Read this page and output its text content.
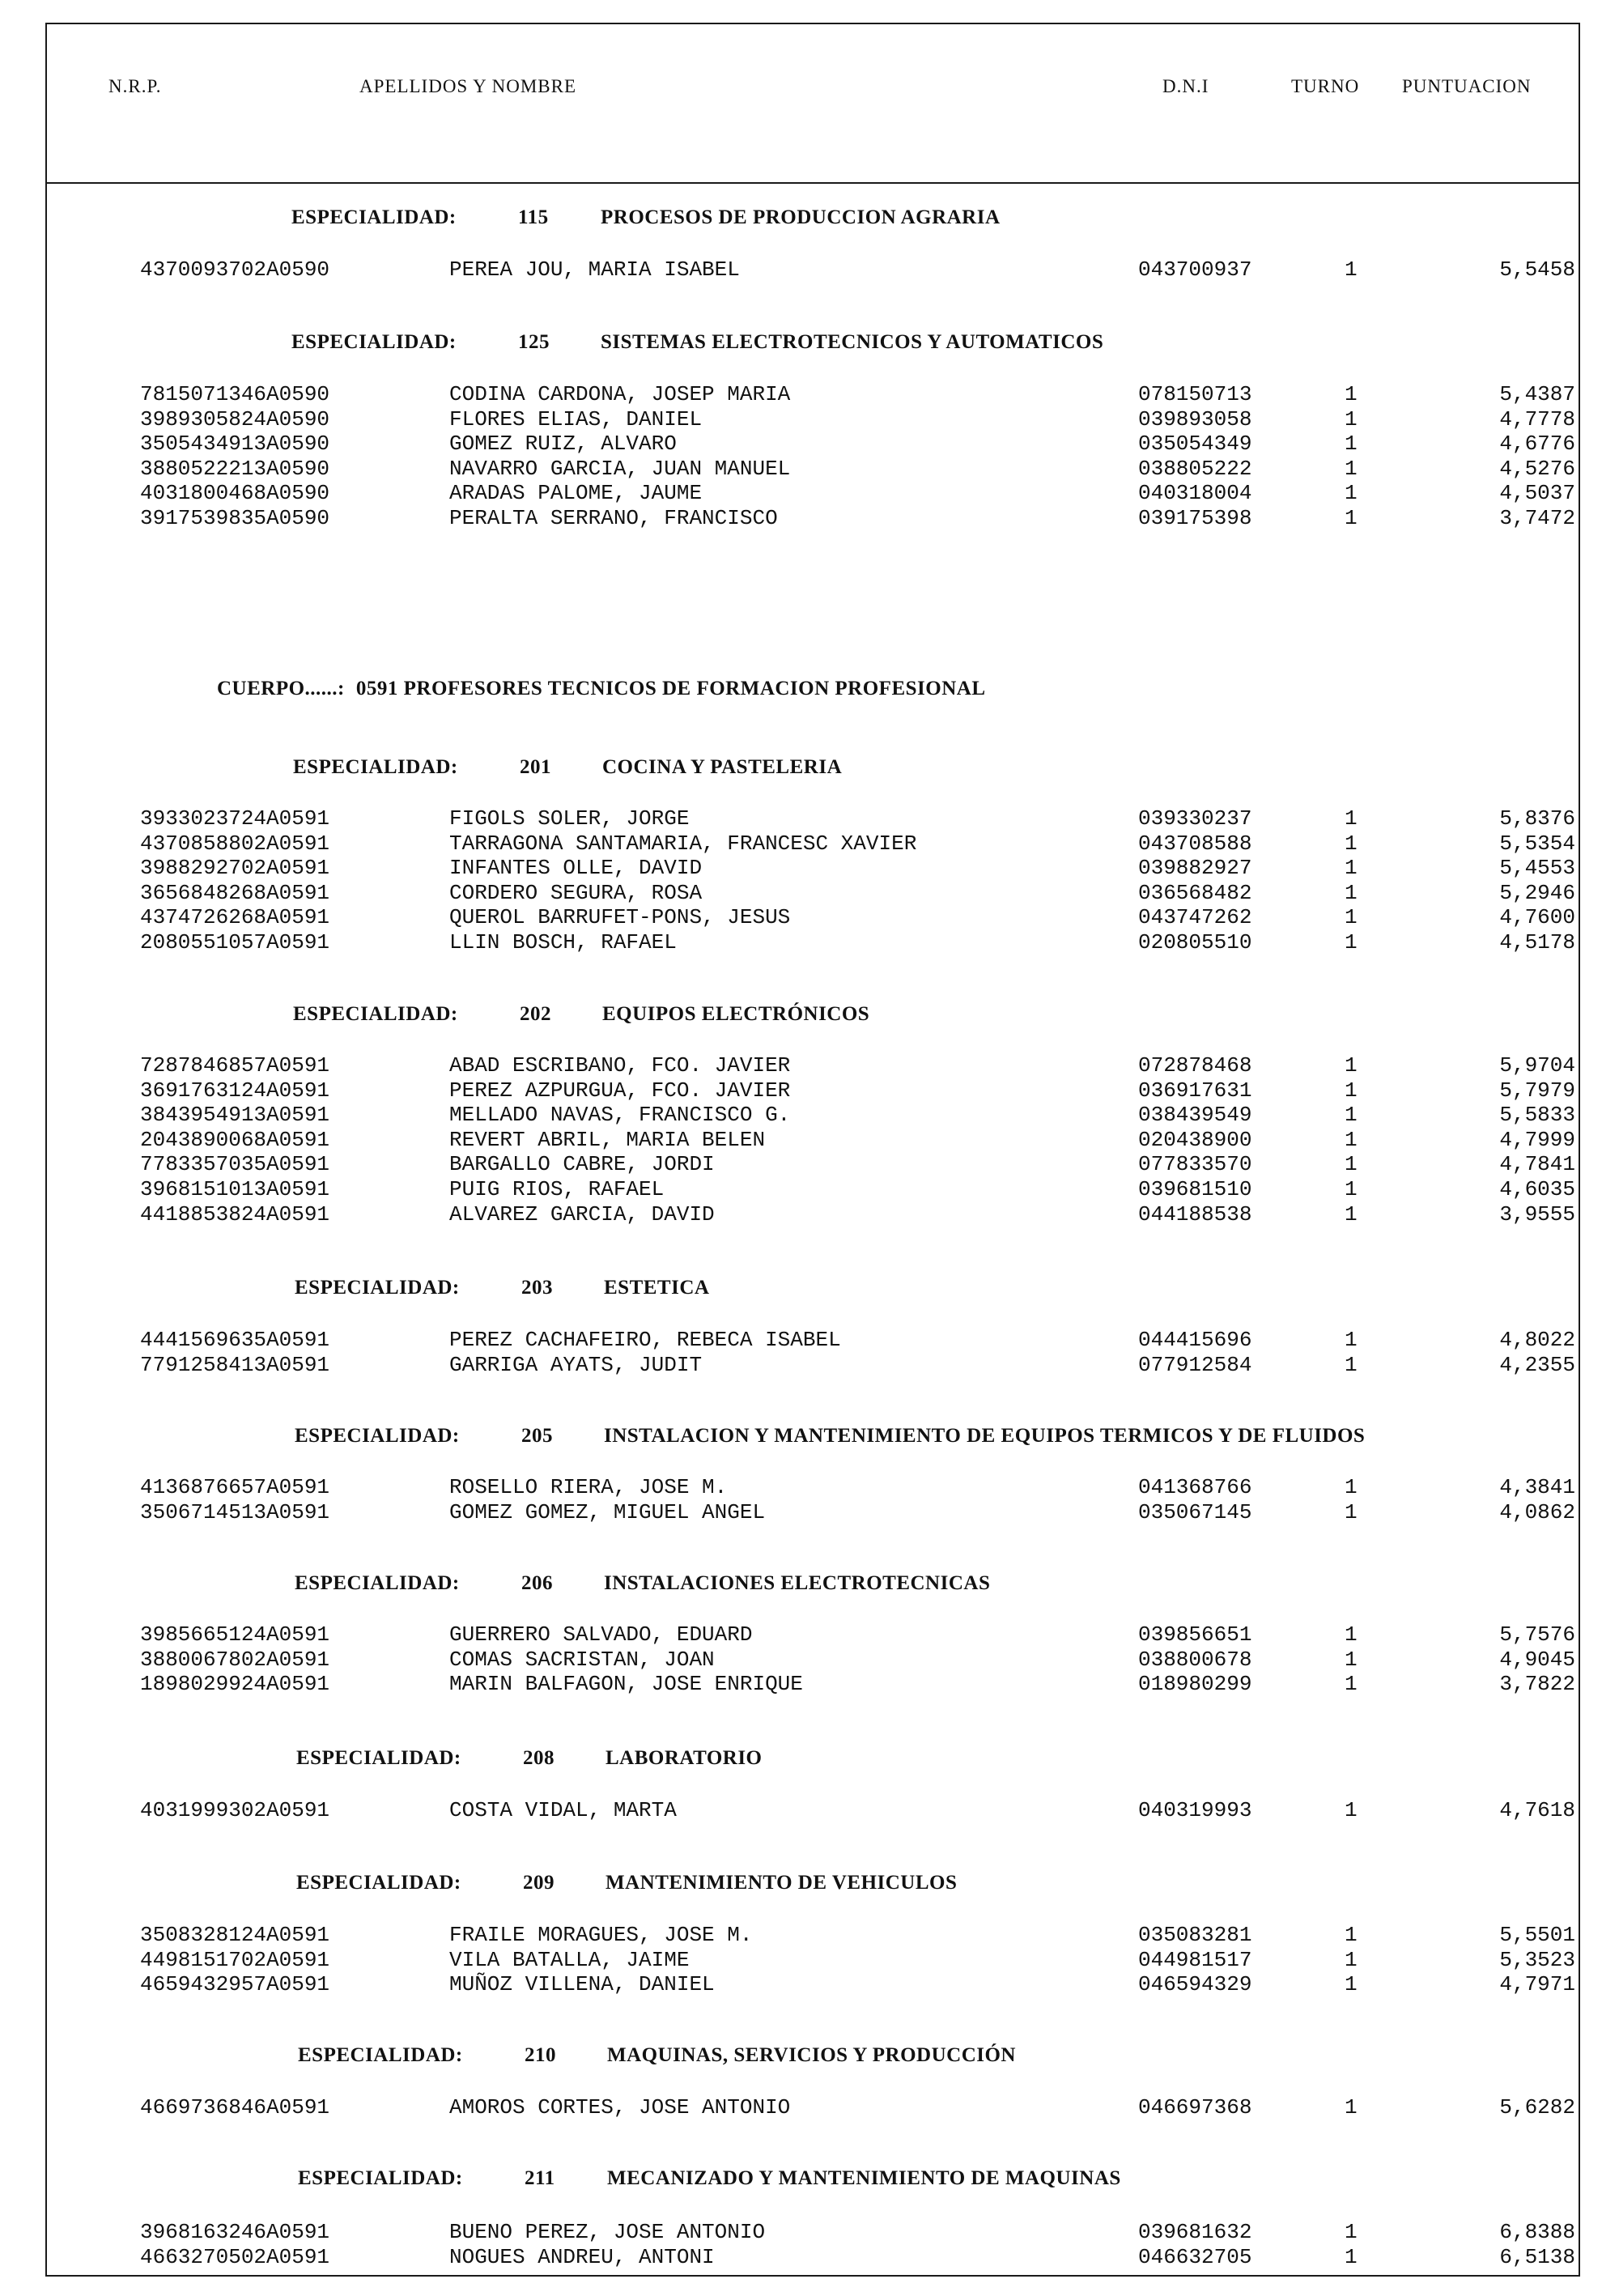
N.R.P.	APELLIDOS Y NOMBRE	D.N.I	TURNO PUNTUACION
CUERPO......: 0591 PROFESORES TECNICOS DE FORMACION PROFESIONAL
ESPECIALIDAD:	115	PROCESOS DE PRODUCCION AGRARIA
4370093702A0590	PEREA JOU, MARIA ISABEL	043700937	1	5,5458
ESPECIALIDAD:	125	SISTEMAS ELECTROTECNICOS Y AUTOMATICOS
7815071346A0590	CODINA CARDONA, JOSEP MARIA	078150713	1	5,4387
3989305824A0590	FLORES ELIAS, DANIEL	039893058	1	4,7778
3505434913A0590	GOMEZ RUIZ, ALVARO	035054349	1	4,6776
3880522213A0590	NAVARRO GARCIA, JUAN MANUEL	038805222	1	4,5276
4031800468A0590	ARADAS PALOME, JAUME	040318004	1	4,5037
3917539835A0590	PERALTA SERRANO, FRANCISCO	039175398	1	3,7472
ESPECIALIDAD:	201	COCINA Y PASTELERIA
3933023724A0591	FIGOLS SOLER, JORGE	039330237	1	5,8376
4370858802A0591	TARRAGONA SANTAMARIA, FRANCESC XAVIER	043708588	1	5,5354
3988292702A0591	INFANTES OLLE, DAVID	039882927	1	5,4553
3656848268A0591	CORDERO SEGURA, ROSA	036568482	1	5,2946
4374726268A0591	QUEROL BARRUFET-PONS, JESUS	043747262	1	4,7600
2080551057A0591	LLIN BOSCH, RAFAEL	020805510	1	4,5178
ESPECIALIDAD:	202	EQUIPOS ELECTRÓNICOS
7287846857A0591	ABAD ESCRIBANO, FCO. JAVIER	072878468	1	5,9704
3691763124A0591	PEREZ AZPURGUA, FCO. JAVIER	036917631	1	5,7979
3843954913A0591	MELLADO NAVAS, FRANCISCO G.	038439549	1	5,5833
2043890068A0591	REVERT ABRIL, MARIA BELEN	020438900	1	4,7999
7783357035A0591	BARGALLO CABRE, JORDI	077833570	1	4,7841
3968151013A0591	PUIG RIOS, RAFAEL	039681510	1	4,6035
4418853824A0591	ALVAREZ GARCIA, DAVID	044188538	1	3,9555
ESPECIALIDAD:	203	ESTETICA
4441569635A0591	PEREZ CACHAFEIRO, REBECA ISABEL	044415696	1	4,8022
7791258413A0591	GARRIGA AYATS, JUDIT	077912584	1	4,2355
ESPECIALIDAD:	205	INSTALACION Y MANTENIMIENTO DE EQUIPOS TERMICOS Y DE FLUIDOS
4136876657A0591	ROSELLO RIERA, JOSE M.	041368766	1	4,3841
3506714513A0591	GOMEZ GOMEZ, MIGUEL ANGEL	035067145	1	4,0862
ESPECIALIDAD:	206	INSTALACIONES ELECTROTECNICAS
3985665124A0591	GUERRERO SALVADO, EDUARD	039856651	1	5,7576
3880067802A0591	COMAS SACRISTAN, JOAN	038800678	1	4,9045
1898029924A0591	MARIN BALFAGON, JOSE ENRIQUE	018980299	1	3,7822
ESPECIALIDAD:	208	LABORATORIO
4031999302A0591	COSTA VIDAL, MARTA	040319993	1	4,7618
ESPECIALIDAD:	209	MANTENIMIENTO DE VEHICULOS
3508328124A0591	FRAILE MORAGUES, JOSE M.	035083281	1	5,5501
4498151702A0591	VILA BATALLA, JAIME	044981517	1	5,3523
4659432957A0591	MUÑOZ VILLENA, DANIEL	046594329	1	4,7971
ESPECIALIDAD:	210	MAQUINAS, SERVICIOS Y PRODUCCIÓN
4669736846A0591	AMOROS CORTES, JOSE ANTONIO	046697368	1	5,6282
ESPECIALIDAD:	211	MECANIZADO Y MANTENIMIENTO DE MAQUINAS
3968163246A0591	BUENO PEREZ, JOSE ANTONIO	039681632	1	6,8388
4663270502A0591	NOGUES ANDREU, ANTONI	046632705	1	6,5138
